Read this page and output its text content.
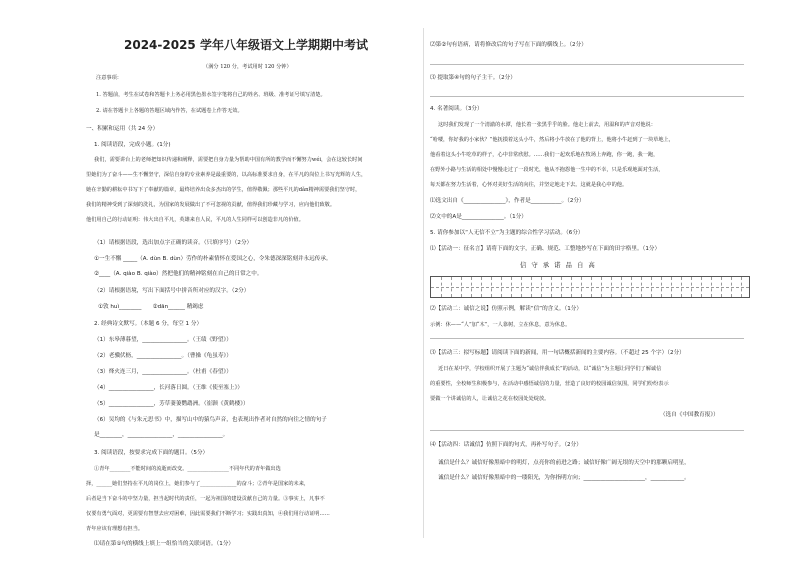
2024-2025 学年八年级语文上学期期中考试
（满分 120 分，考试用时 120 分钟）
注意事项：
1. 答题前，考生在试卷和答题卡上务必用黑色墨水签字笔将自己的姓名、班级、准考证号填写清楚。
2. 请在答题卡上各题的答题区域内作答，在试题卷上作答无效。
一、积累和运用（共 24 分）
1. 阅读语段，完成小题。(1分)
我们，需要讲台上的老师把知识传递和阐释，需要把自身力量为帮助中国有所的教学而不懈努力wéi，会在这较长时间
里她们为了奋斗——生不懈坚守，深信自身的专业素养是最重要的，以高标准要求自身，在平凡的岗位上书写光辉的人生，
她在辛勤的耕耘中书写下了奉献的篇章，最终培养出众多杰出的学生，值得敬佩；那些平凡的dǎn精神需要我们坚守时，
我们的精神受到了深刻的洗礼，为国家的发展做出了不可忽视的贡献，值得我们珍藏与学习，应向他们致敬。
他们用自己的行动证明：伟大出自平凡，英雄来自人民，平凡的人生同样可以创造非凡的价值。
（1）请根据语段，选出加点字正确的读音。（只填序号）（2分）
①一生不懈 _____（A. dùn B. dùn）劳作的朴素情怀在爱国之心，令朱德深深铭刻并永远传承。
②____（A. qiào B. qiào）然把他们的精神铭刻在自己的日常之中。
（2）请根据语境，写出下面括号中拼音所对应的汉字。（2分）
①敦 huì________　　②dān______ 精竭虑
2. 经典诗文默写。（本题 6 分，每空 1 分）
（1）东皋薄暮望，________________。（王绩《野望》）
（2）老骥伏枥，________________。（曹操《龟虽寿》）
（3）烽火连三月，________________。（杜甫《春望》）
（4）________________，长河落日圆。（王维《使至塞上》）
（5）________________，芳草萋萋鹦鹉洲。（崔颢《黄鹤楼》）
（6）吴均的《与朱元思书》中，描写山中的猿鸟声音，也表现出作者对自然的向往之情的句子
是________，________________，________________。
3. 阅读语段，按要求完成下面的题目。（5分）
①青年________不能时间的流逝而改变。________________不同年代的青年做出选
择，______她们坚持在平凡的岗位上，她们参与了______________的奋斗；②青年是国家的未来，
后者是当下奋斗的中坚力量，担当起时代的责任，一起为祖国的建设贡献自己的力量。③事实上，凡事不
仅要有勇气面对，更需要有智慧去应对困难，因此需要我们不断学习；实践出真知，④我们用行动证明……
青年应该有理想有担当。
⑴请在第①句的横线上填上一组恰当的关联词语。（1分）
⑵第②句有语病，请将修改后的句子写在下面的横线上。（2分）
⑶ 提取第④句的句子主干。（2分）
4. 名著阅读。（3分）
这时我们发现了一个清澈的水潭，他长着一张黑乎乎的脸。他走上前去，用温和的声音对他说：
“哈喽，你好我的小家伙？”他抚摸着这头小牛，然后将小牛放在了他的背上，他将小牛赶到了一块草地上，
他看着这头小牛吃草的样子，心中非常欣慰。……我们一起欢乐地在牧场上奔跑，你一跑，我一跑，
在野外小路与生活的相处中慢慢走过了一段时光，他从不抱怨他一生中的不幸，只是乐观地面对生活，
每天都在努力生活着，心怀对美好生活的向往，并坚定地走下去。这就是我心中的他。
⑴选文出自《_______________》，作者是___________。（2分）
⑵文中的A是_______________。（1分）
5. 请你参加以“人无信不立”为主题的综合性学习活动。（6分）
⑴【活动一：征名言】请将下面的文字，正确、规范、工整地抄写在下面的田字格里。（1分）
信守承诺品自高
⑵【活动二：诚信之说】仿照示例，解读“信”的含义。（1分）
示例：休——“人”加“木”，一人靠树，立在休息，意为休息。
⑶【活动三：拟写标题】请阅读下面的新闻，用一句话概括新闻的主要内容。（不超过 25 个字）（2分）
近日在某中学，学校组织开展了主题为“诚信伴我成长”的活动，以“诚信”为主题让同学们了解诚信
的重要性，全校师生积极参与，在活动中感悟诚信的力量，营造了良好的校园诚信氛围，同学们纷纷表示
要做一个讲诚信的人，让诚信之花在校园处处绽放。
（选自《中国教育报》）
⑷【活动四：话诚信】仿照下面的句式，再补写句子。（2分）
诚信是什么？诚信好像黑暗中的明灯，点亮你的前进之路；诚信好像广阔无垠的天空中的那颗启明星，
诚信是什么？诚信好像黑暗中的一缕阳光，为你指明方向；______________________，____________。
